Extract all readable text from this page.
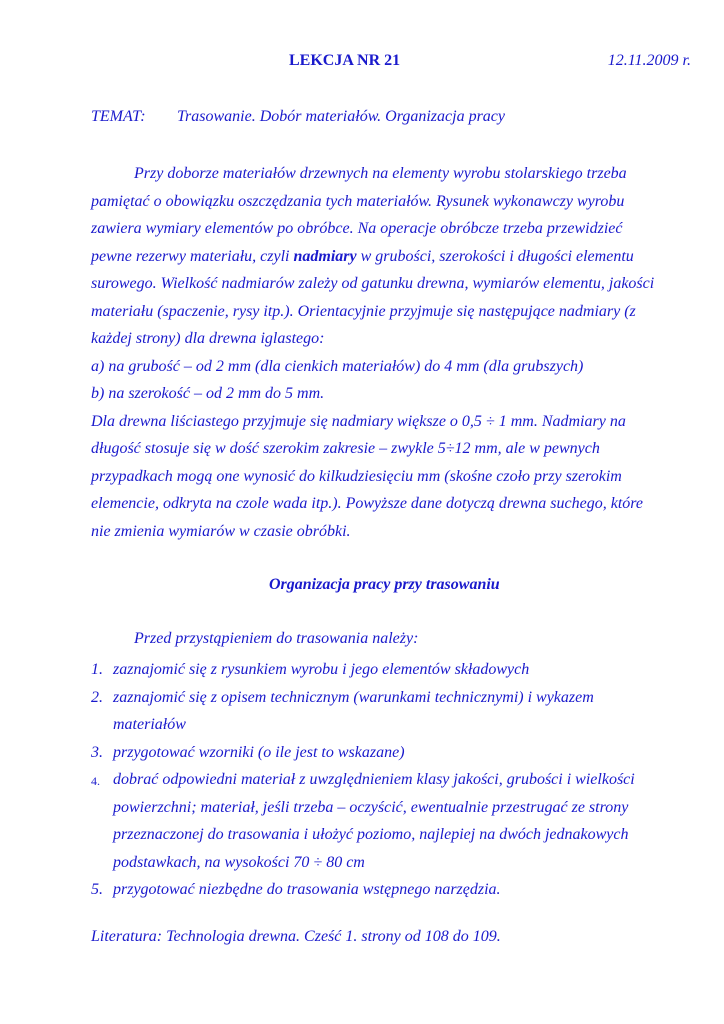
LEKCJA NR 21	12.11.2009 r.
TEMAT: Trasowanie. Dobór materiałów. Organizacja pracy
Przy doborze materiałów drzewnych na elementy wyrobu stolarskiego trzeba
pamiętać o obowiązku oszczędzania tych materiałów. Rysunek wykonawczy wyrobu
zawiera wymiary elementów po obróbce. Na operacje obróbcze trzeba przewidzieć
pewne rezerwy materiału, czyli nadmiary w grubości, szerokości i długości elementu
surowego. Wielkość nadmiarów zależy od gatunku drewna, wymiarów elementu, jakości
materiału (spaczenie, rysy itp.). Orientacyjnie przyjmuje się następujące nadmiary (z
każdej strony) dla drewna iglastego:
a) na grubość – od 2 mm (dla cienkich materiałów) do 4 mm (dla grubszych)
b) na szerokość – od 2 mm do 5 mm.
Dla drewna liściastego przyjmuje się nadmiary większe o 0,5 ÷ 1 mm. Nadmiary na
długość stosuje się w dość szerokim zakresie – zwykle 5÷12 mm, ale w pewnych
przypadkach mogą one wynosić do kilkudziesięciu mm (skośne czoło przy szerokim
elemencie, odkryta na czole wada itp.). Powyższe dane dotyczą drewna suchego, które
nie zmienia wymiarów w czasie obróbki.
Organizacja pracy przy trasowaniu
Przed przystąpieniem do trasowania należy:
1. zaznajomić się z rysunkiem wyrobu i jego elementów składowych
2. zaznajomić się z opisem technicznym (warunkami technicznymi) i wykazem
materiałów
3. przygotować wzorniki (o ile jest to wskazane)
4. dobrać odpowiedni materiał z uwzględnieniem klasy jakości, grubości i wielkości
powierzchni; materiał, jeśli trzeba – oczyścić, ewentualnie przestrugać ze strony
przeznaczonej do trasowania i ułożyć poziomo, najlepiej na dwóch jednakowych
podstawkach, na wysokości 70 ÷ 80 cm
5. przygotować niezbędne do trasowania wstępnego narzędzia.
Literatura: Technologia drewna. Cześć 1. strony od 108 do 109.
